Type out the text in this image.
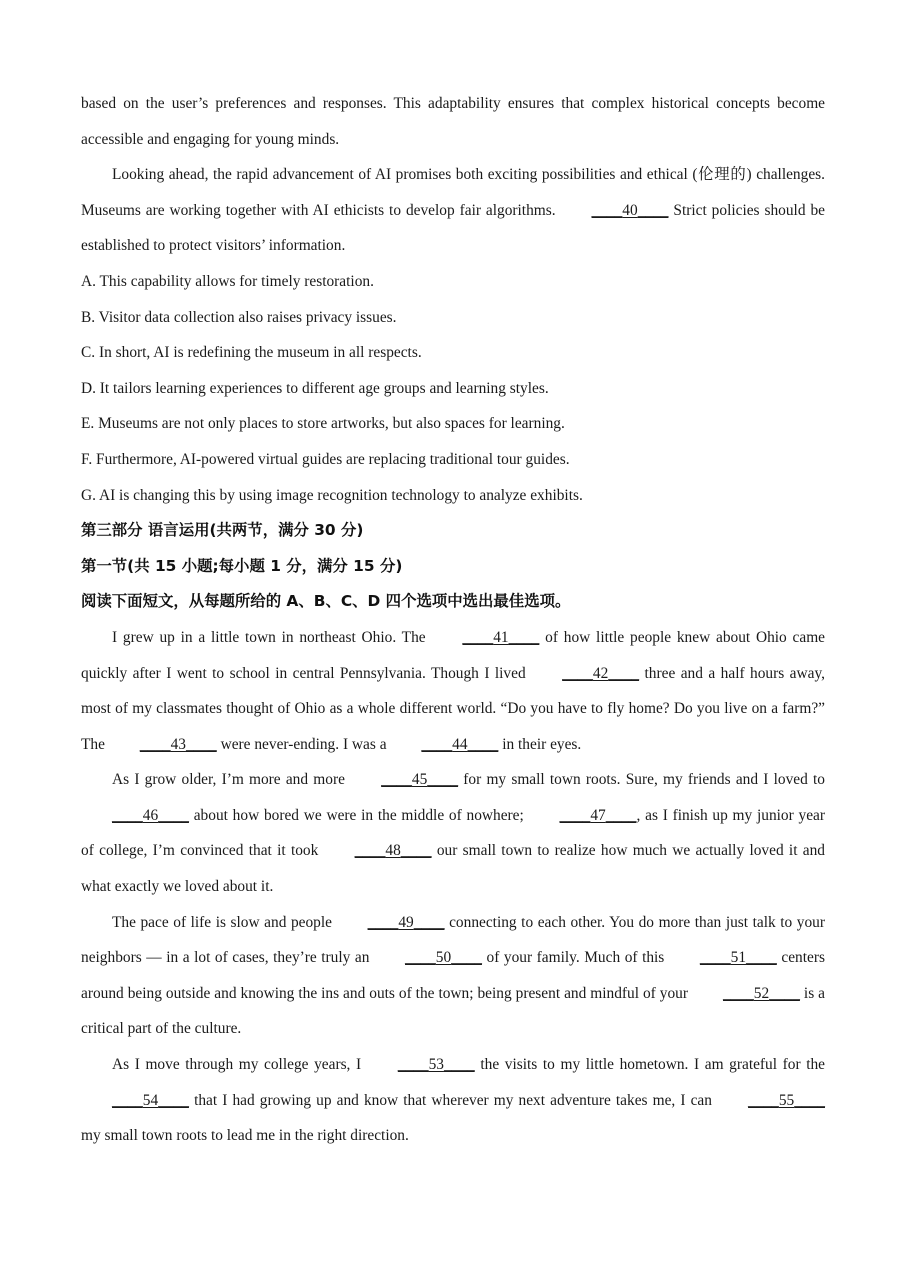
based on the user’s preferences and responses. This adaptability ensures that complex historical concepts become accessible and engaging for young minds.

Looking ahead, the rapid advancement of AI promises both exciting possibilities and ethical (伦理的) challenges. Museums are working together with AI ethicists to develop fair algorithms. ____40____ Strict policies should be established to protect visitors’ information.

A. This capability allows for timely restoration.

B. Visitor data collection also raises privacy issues.

C. In short, AI is redefining the museum in all respects.

D. It tailors learning experiences to different age groups and learning styles.

E. Museums are not only places to store artworks, but also spaces for learning.

F. Furthermore, AI-powered virtual guides are replacing traditional tour guides.

G. AI is changing this by using image recognition technology to analyze exhibits.

第三部分 语言运用(共两节，满分 30 分)

第一节(共 15 小题;每小题 1 分，满分 15 分)

阅读下面短文，从每题所给的 A、B、C、D 四个选项中选出最佳选项。

I grew up in a little town in northeast Ohio. The ____41____ of how little people knew about Ohio came quickly after I went to school in central Pennsylvania. Though I lived ____42____ three and a half hours away, most of my classmates thought of Ohio as a whole different world. “Do you have to fly home? Do you live on a farm?” The ____43____ were never-ending. I was a ____44____ in their eyes.

As I grow older, I’m more and more ____45____ for my small town roots. Sure, my friends and I loved to ____46____ about how bored we were in the middle of nowhere; ____47____, as I finish up my junior year of college, I’m convinced that it took ____48____ our small town to realize how much we actually loved it and what exactly we loved about it.

The pace of life is slow and people ____49____ connecting to each other. You do more than just talk to your neighbors — in a lot of cases, they’re truly an ____50____ of your family. Much of this ____51____ centers around being outside and knowing the ins and outs of the town; being present and mindful of your ____52____ is a critical part of the culture.

As I move through my college years, I ____53____ the visits to my little hometown. I am grateful for the ____54____ that I had growing up and know that wherever my next adventure takes me, I can ____55____ my small town roots to lead me in the right direction.
